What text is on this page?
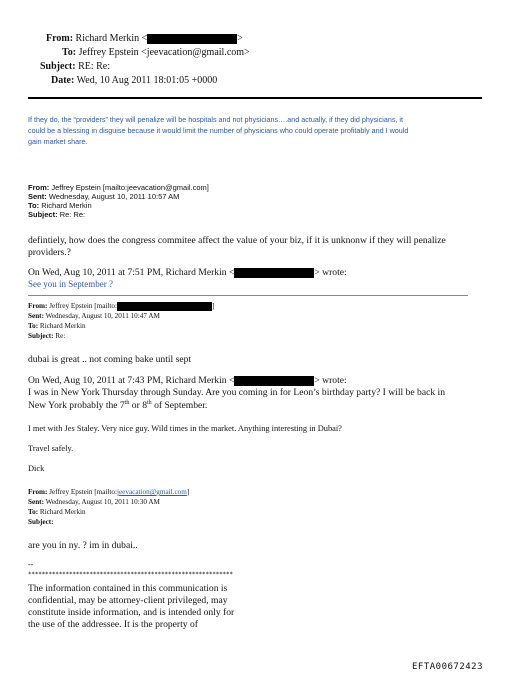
From: Richard Merkin <	>
To: Jeffrey Epstein <jeevacation@gmail.com>
Subject: RE: Re:
Date: Wed, 10 Aug 2011 18:01:05 +0000
If they do, the “providers” they will penalize will be hospitals and not physicians….and actually, if they did physicians, it
could be a blessing in disguise because it would limit the number of physicians who could operate profitably and I would
gain market share.
From: Jeffrey Epstein [mailto:jeevacation@gmail.com]
Sent: Wednesday, August 10, 2011 10:57 AM
To: Richard Merkin
Subject: Re: Re:
defintiely, how does the congress commitee affect the value of your biz, if it is unknonw if they will penalize
providers.?
On Wed, Aug 10, 2011 at 7:51 PM, Richard Merkin <	> wrote:
See you in September ?
From: Jeffrey Epstein [mailto:	]
Sent: Wednesday, August 10, 2011 10:47 AM
To: Richard Merkin
Subject: Re:
dubai is great .. not coming bake until sept
On Wed, Aug 10, 2011 at 7:43 PM, Richard Merkin <	> wrote:
I was in New York Thursday through Sunday. Are you coming in for Leon’s birthday party? I will be back in
New York probably the 7th or 8th of September.
I met with Jes Staley. Very nice guy. Wild times in the market. Anything interesting in Dubai?
Travel safely.
Dick
From: Jeffrey Epstein [mailto:jeevacation@gmail.com]
Sent: Wednesday, August 10, 2011 10:30 AM
To: Richard Merkin
Subject:
are you in ny. ? im in dubai..
--
************************************************************
The information contained in this communication is
confidential, may be attorney-client privileged, may
constitute inside information, and is intended only for
the use of the addressee. It is the property of
EFTA00672423
